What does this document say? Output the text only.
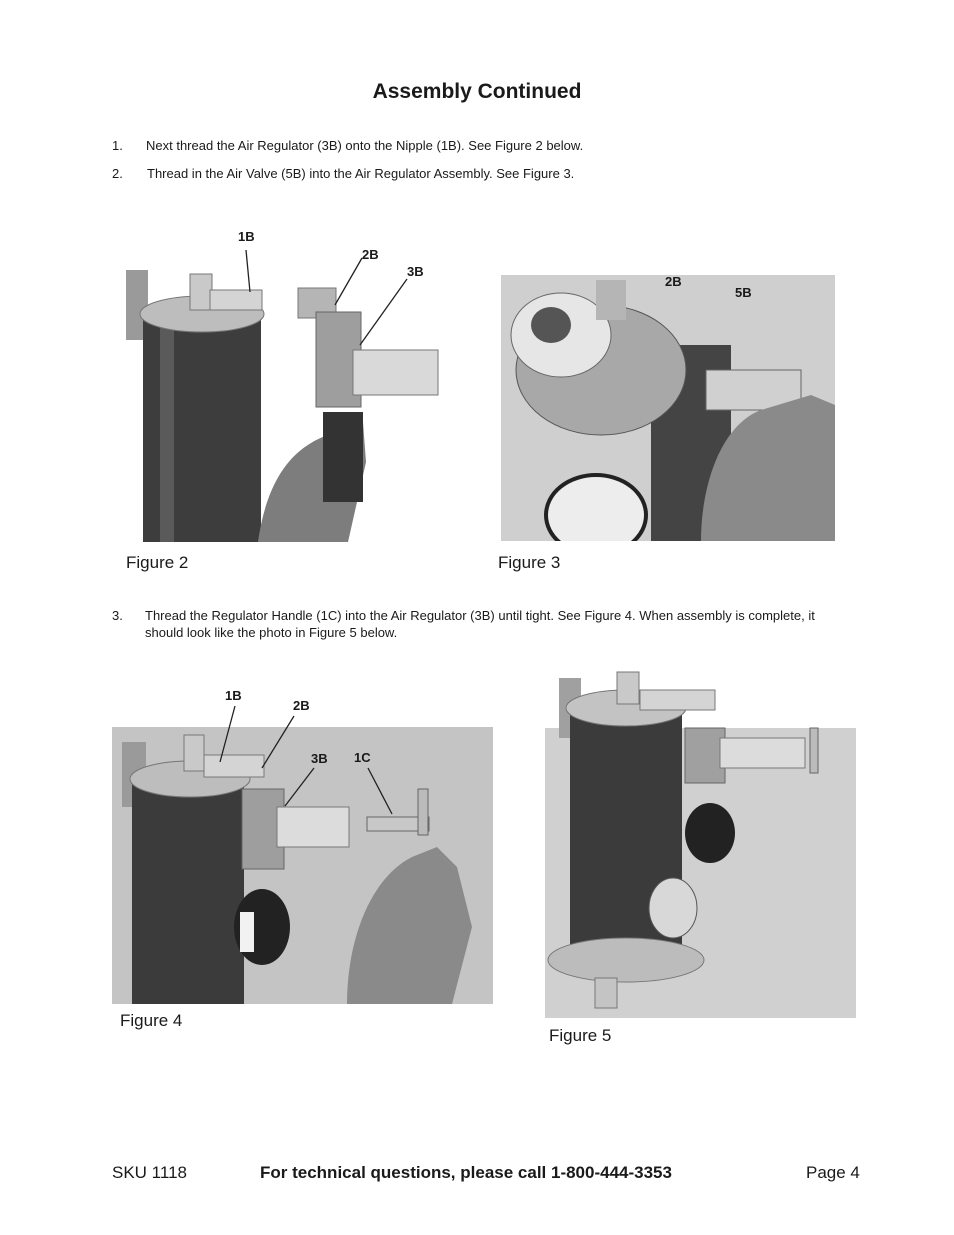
Assembly Continued
1. Next thread the Air Regulator (3B) onto the Nipple (1B). See Figure 2 below.
2. Thread in the Air Valve (5B) into the Air Regulator Assembly. See Figure 3.
1B
2B
3B
Figure 2
2B
5B
Figure 3
3. Thread the Regulator Handle (1C) into the Air Regulator (3B) until tight. See Figure 4. When assembly is complete, it
should look like the photo in Figure 5 below.
1B
2B
3B 1C
Figure 4
Figure 5
SKU 1118	For technical questions, please call 1-800-444-3353	Page 4
